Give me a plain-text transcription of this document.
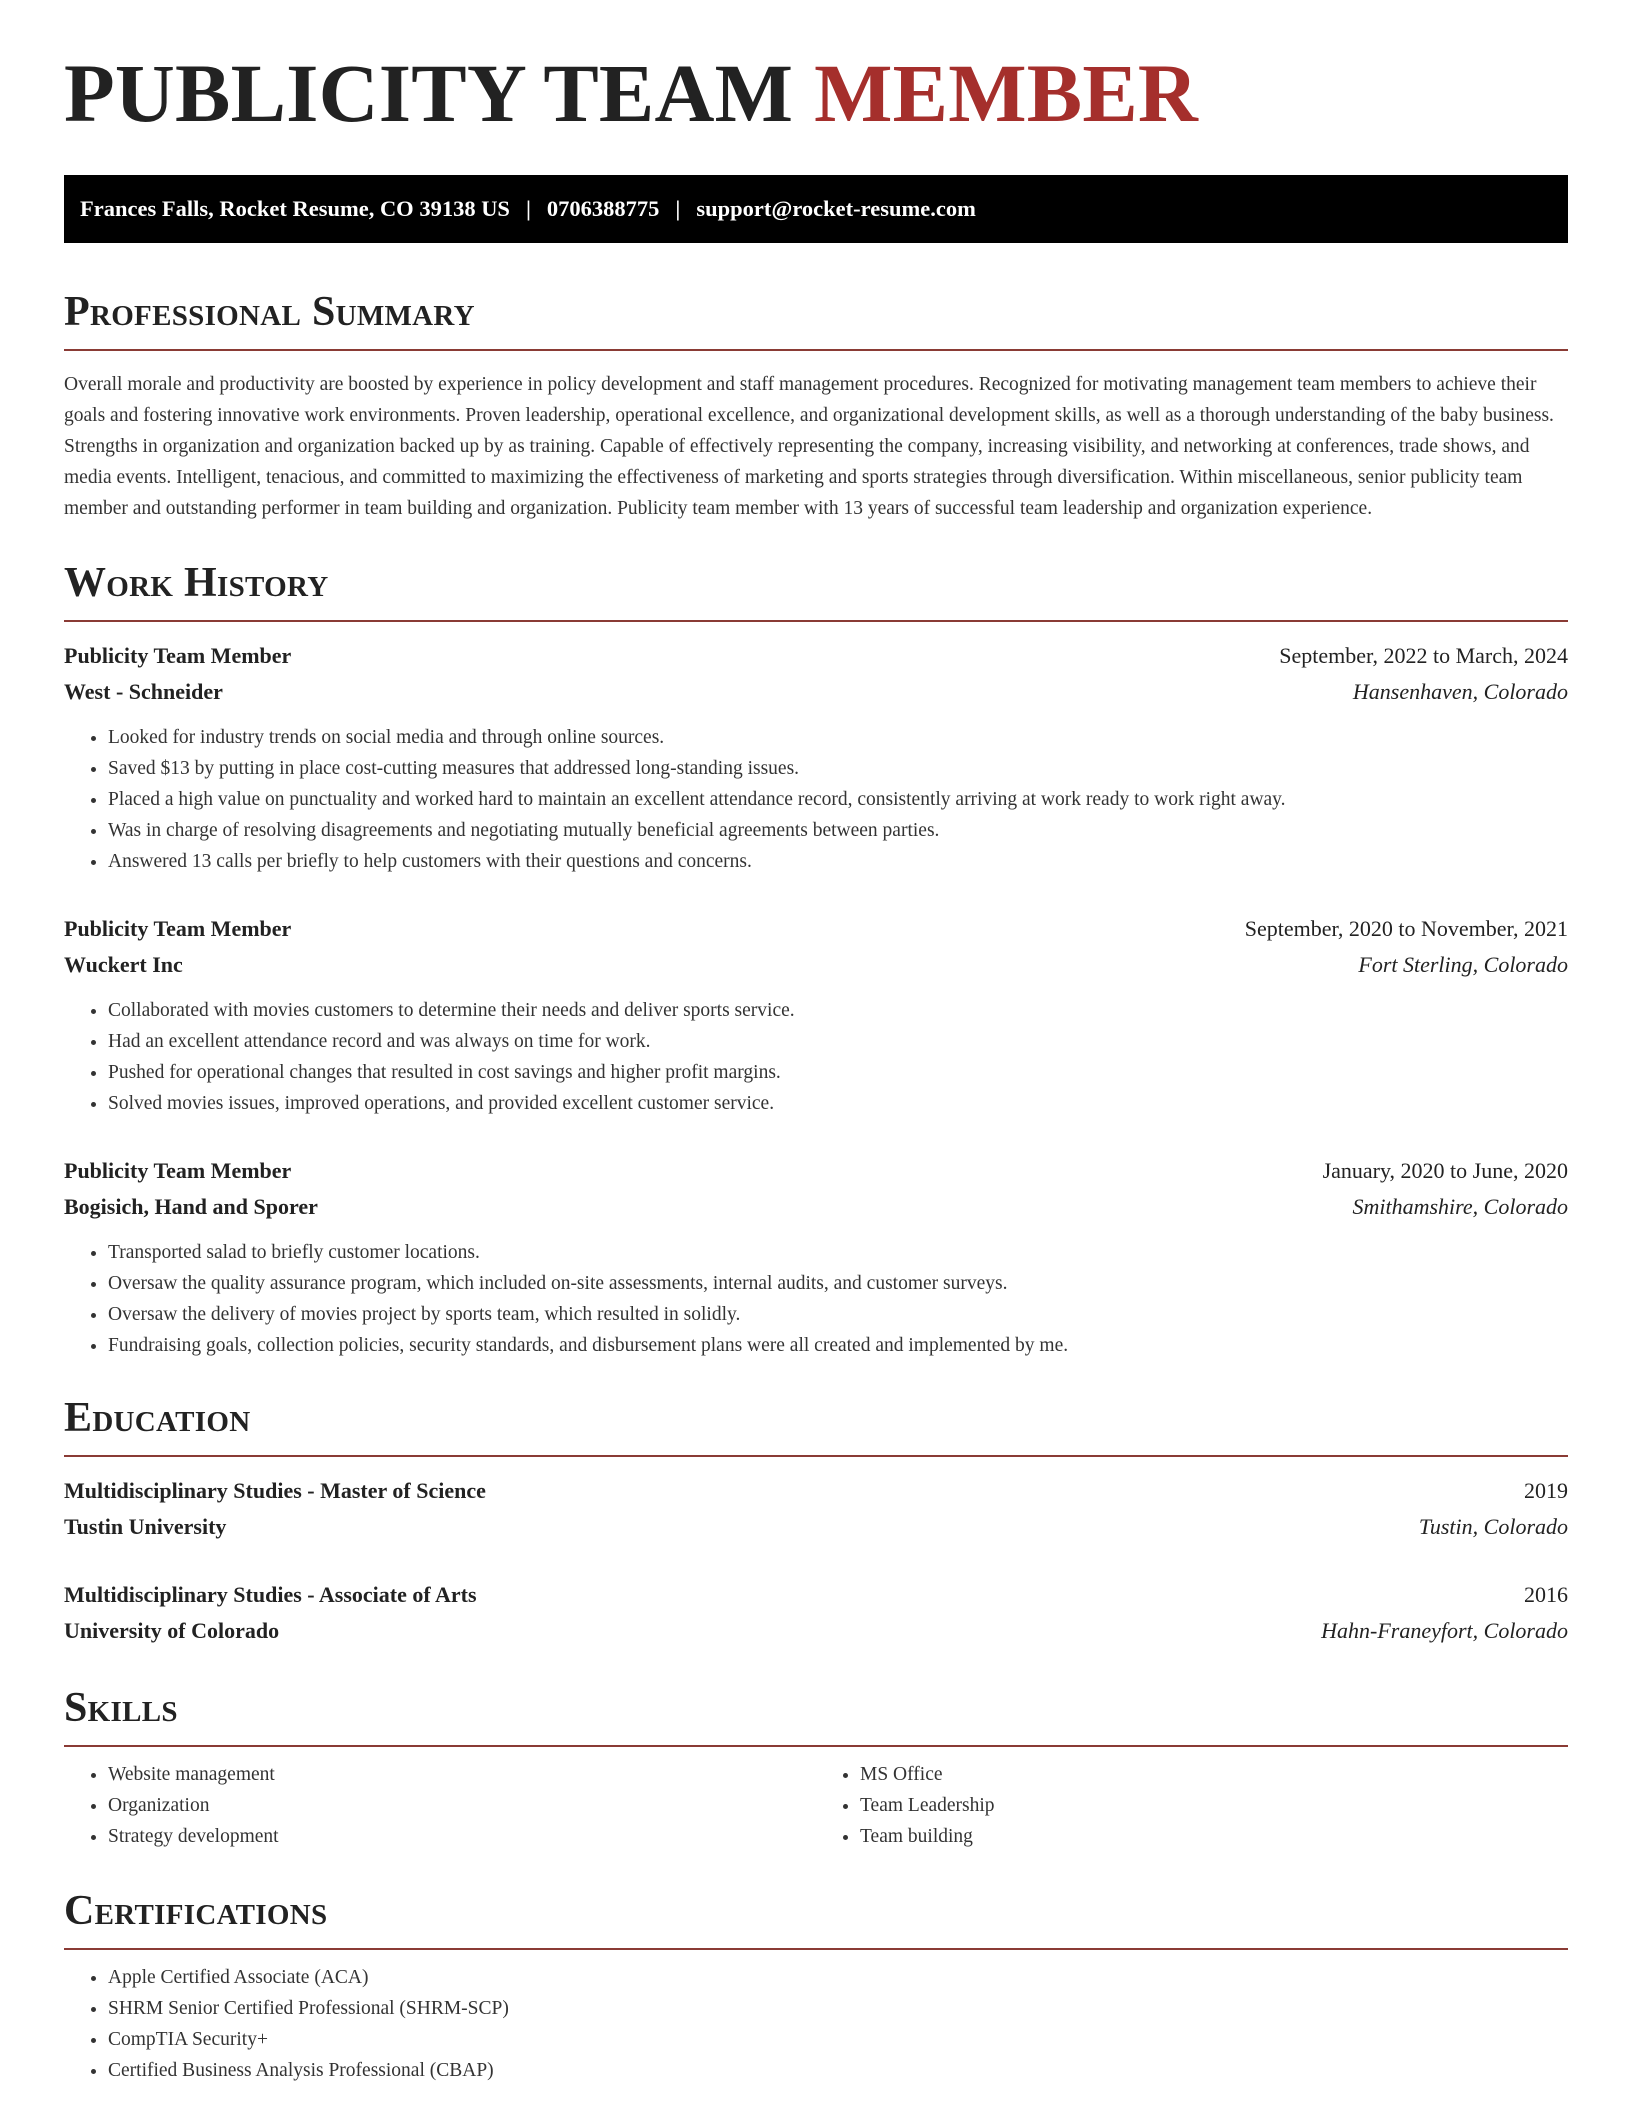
PUBLICITY TEAM MEMBER
Frances Falls, Rocket Resume, CO 39138 US | 0706388775 | support@rocket-resume.com
Professional Summary

Overall morale and productivity are boosted by experience in policy development and staff management procedures. Recognized for motivating management team members to achieve their goals and fostering innovative work environments. Proven leadership, operational excellence, and organizational development skills, as well as a thorough understanding of the baby business. Strengths in organization and organization backed up by as training. Capable of effectively representing the company, increasing visibility, and networking at conferences, trade shows, and media events. Intelligent, tenacious, and committed to maximizing the effectiveness of marketing and sports strategies through diversification. Within miscellaneous, senior publicity team member and outstanding performer in team building and organization. Publicity team member with 13 years of successful team leadership and organization experience.

Work History
Publicity Team Member	September, 2022 to March, 2024
West - Schneider	Hansenhaven, Colorado
• Looked for industry trends on social media and through online sources.
• Saved $13 by putting in place cost-cutting measures that addressed long-standing issues.
• Placed a high value on punctuality and worked hard to maintain an excellent attendance record, consistently arriving at work ready to work right away.
• Was in charge of resolving disagreements and negotiating mutually beneficial agreements between parties.
• Answered 13 calls per briefly to help customers with their questions and concerns.
Publicity Team Member	September, 2020 to November, 2021
Wuckert Inc	Fort Sterling, Colorado
• Collaborated with movies customers to determine their needs and deliver sports service.
• Had an excellent attendance record and was always on time for work.
• Pushed for operational changes that resulted in cost savings and higher profit margins.
• Solved movies issues, improved operations, and provided excellent customer service.
Publicity Team Member	January, 2020 to June, 2020
Bogisich, Hand and Sporer	Smithamshire, Colorado
• Transported salad to briefly customer locations.
• Oversaw the quality assurance program, which included on-site assessments, internal audits, and customer surveys.
• Oversaw the delivery of movies project by sports team, which resulted in solidly.
• Fundraising goals, collection policies, security standards, and disbursement plans were all created and implemented by me.
Education
Multidisciplinary Studies - Master of Science	2019
Tustin University	Tustin, Colorado
Multidisciplinary Studies - Associate of Arts	2016
University of Colorado	Hahn-Franeyfort, Colorado
Skills
• Website management
• Organization
• Strategy development
• MS Office
• Team Leadership
• Team building
Certifications
• Apple Certified Associate (ACA)
• SHRM Senior Certified Professional (SHRM-SCP)
• CompTIA Security+
• Certified Business Analysis Professional (CBAP)
